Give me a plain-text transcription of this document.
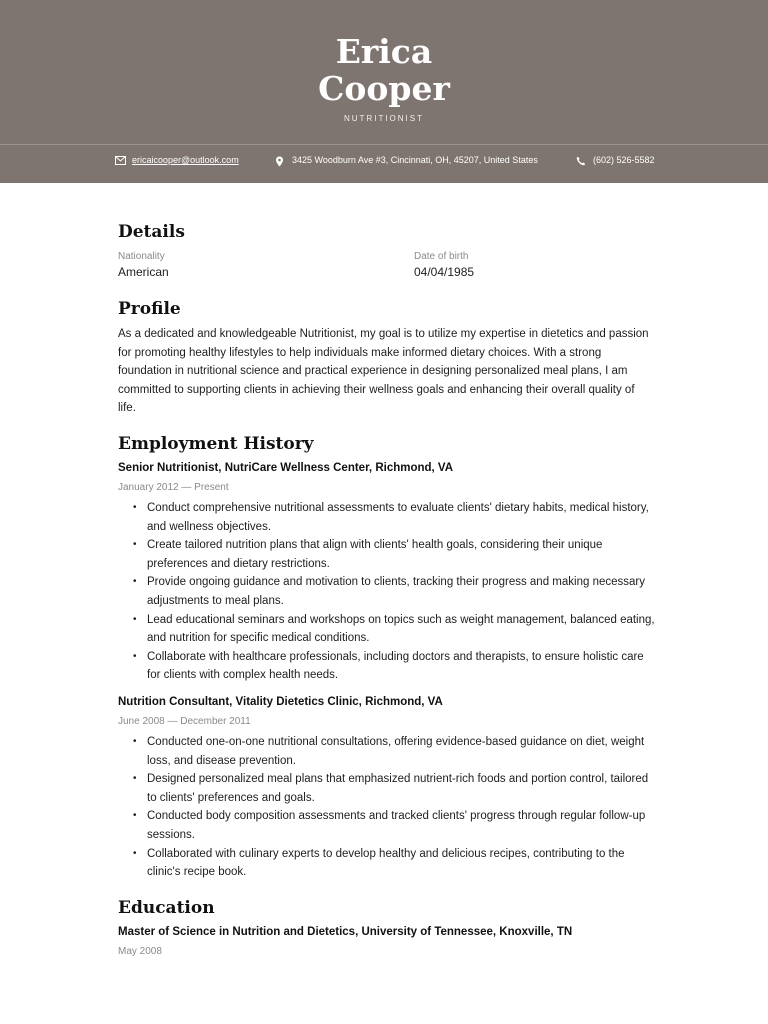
Erica
Cooper
NUTRITIONIST
ericaicooper@outlook.com	3425 Woodburn Ave #3, Cincinnati, OH, 45207, United States	(602) 526-5582
Details
Nationality
American
Date of birth
04/04/1985
Profile
As a dedicated and knowledgeable Nutritionist, my goal is to utilize my expertise in dietetics and passion for promoting healthy lifestyles to help individuals make informed dietary choices. With a strong foundation in nutritional science and practical experience in designing personalized meal plans, I am committed to supporting clients in achieving their wellness goals and enhancing their overall quality of life.
Employment History
Senior Nutritionist, NutriCare Wellness Center, Richmond, VA
January 2012 — Present
• Conduct comprehensive nutritional assessments to evaluate clients' dietary habits, medical history, and wellness objectives.
• Create tailored nutrition plans that align with clients' health goals, considering their unique preferences and dietary restrictions.
• Provide ongoing guidance and motivation to clients, tracking their progress and making necessary adjustments to meal plans.
• Lead educational seminars and workshops on topics such as weight management, balanced eating, and nutrition for specific medical conditions.
• Collaborate with healthcare professionals, including doctors and therapists, to ensure holistic care for clients with complex health needs.
Nutrition Consultant, Vitality Dietetics Clinic, Richmond, VA
June 2008 — December 2011
• Conducted one-on-one nutritional consultations, offering evidence-based guidance on diet, weight loss, and disease prevention.
• Designed personalized meal plans that emphasized nutrient-rich foods and portion control, tailored to clients' preferences and goals.
• Conducted body composition assessments and tracked clients' progress through regular follow-up sessions.
• Collaborated with culinary experts to develop healthy and delicious recipes, contributing to the clinic's recipe book.
Education
Master of Science in Nutrition and Dietetics, University of Tennessee, Knoxville, TN
May 2008
